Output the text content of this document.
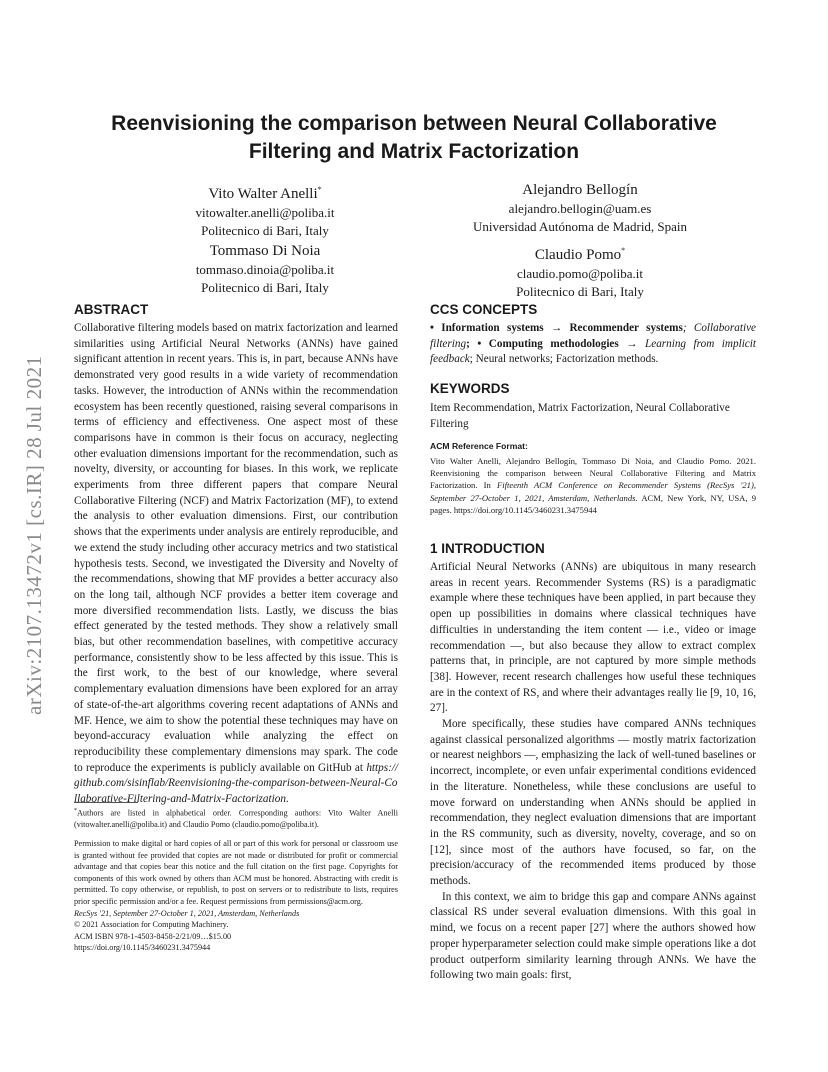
arXiv:2107.13472v1 [cs.IR] 28 Jul 2021
Reenvisioning the comparison between Neural Collaborative Filtering and Matrix Factorization
Vito Walter Anelli*
vitowalter.anelli@poliba.it
Politecnico di Bari, Italy
Alejandro Bellogín
alejandro.bellogin@uam.es
Universidad Autónoma de Madrid, Spain
Tommaso Di Noia
tommaso.dinoia@poliba.it
Politecnico di Bari, Italy
Claudio Pomo*
claudio.pomo@poliba.it
Politecnico di Bari, Italy
ABSTRACT

Collaborative filtering models based on matrix factorization and learned similarities using Artificial Neural Networks (ANNs) have gained significant attention in recent years. This is, in part, because ANNs have demonstrated very good results in a wide variety of recommendation tasks. However, the introduction of ANNs within the recommendation ecosystem has been recently questioned, raising several comparisons in terms of efficiency and effectiveness. One aspect most of these comparisons have in common is their focus on accuracy, neglecting other evaluation dimensions important for the recommendation, such as novelty, diversity, or accounting for biases. In this work, we replicate experiments from three different papers that compare Neural Collaborative Filtering (NCF) and Matrix Factorization (MF), to extend the analysis to other evaluation dimensions. First, our contribution shows that the experiments under analysis are entirely reproducible, and we extend the study including other accuracy metrics and two statistical hypothesis tests. Second, we investigated the Diversity and Novelty of the recommendations, showing that MF provides a better accuracy also on the long tail, although NCF provides a better item coverage and more diversified recommendation lists. Lastly, we discuss the bias effect generated by the tested methods. They show a relatively small bias, but other recommendation baselines, with competitive accuracy performance, consistently show to be less affected by this issue. This is the first work, to the best of our knowledge, where several complementary evaluation dimensions have been explored for an array of state-of-the-art algorithms covering recent adaptations of ANNs and MF. Hence, we aim to show the potential these techniques may have on beyond-accuracy evaluation while analyzing the effect on reproducibility these complementary dimensions may spark. The code to reproduce the experiments is publicly available on GitHub at https://github.com/sisinflab/Reenvisioning-the-comparison-between-Neural-Collaborative-Filtering-and-Matrix-Factorization.

*Authors are listed in alphabetical order. Corresponding authors: Vito Walter Anelli (vitowalter.anelli@poliba.it) and Claudio Pomo (claudio.pomo@poliba.it).

Permission to make digital or hard copies of all or part of this work for personal or classroom use is granted without fee provided that copies are not made or distributed for profit or commercial advantage and that copies bear this notice and the full citation on the first page. Copyrights for components of this work owned by others than ACM must be honored. Abstracting with credit is permitted. To copy otherwise, or republish, to post on servers or to redistribute to lists, requires prior specific permission and/or a fee. Request permissions from permissions@acm.org.

RecSys '21, September 27-October 1, 2021, Amsterdam, Netherlands

© 2021 Association for Computing Machinery.

ACM ISBN 978-1-4503-8458-2/21/09…$15.00

https://doi.org/10.1145/3460231.3475944

CCS CONCEPTS

• Information systems → Recommender systems; Collaborative filtering; • Computing methodologies → Learning from implicit feedback; Neural networks; Factorization methods.

KEYWORDS
Item Recommendation, Matrix Factorization, Neural Collaborative Filtering
ACM Reference Format:
Vito Walter Anelli, Alejandro Bellogín, Tommaso Di Noia, and Claudio Pomo. 2021. Reenvisioning the comparison between Neural Collaborative Filtering and Matrix Factorization. In Fifteenth ACM Conference on Recommender Systems (RecSys '21), September 27-October 1, 2021, Amsterdam, Netherlands. ACM, New York, NY, USA, 9 pages. https://doi.org/10.1145/3460231.3475944
1 INTRODUCTION

Artificial Neural Networks (ANNs) are ubiquitous in many research areas in recent years. Recommender Systems (RS) is a paradigmatic example where these techniques have been applied, in part because they open up possibilities in domains where classical techniques have difficulties in understanding the item content — i.e., video or image recommendation —, but also because they allow to extract complex patterns that, in principle, are not captured by more simple methods [38]. However, recent research challenges how useful these techniques are in the context of RS, and where their advantages really lie [9, 10, 16, 27].

More specifically, these studies have compared ANNs techniques against classical personalized algorithms — mostly matrix factorization or nearest neighbors —, emphasizing the lack of well-tuned baselines or incorrect, incomplete, or even unfair experimental conditions evidenced in the literature. Nonetheless, while these conclusions are useful to move forward on understanding when ANNs should be applied in recommendation, they neglect evaluation dimensions that are important in the RS community, such as diversity, novelty, coverage, and so on [12], since most of the authors have focused, so far, on the precision/accuracy of the recommended items produced by those methods.

In this context, we aim to bridge this gap and compare ANNs against classical RS under several evaluation dimensions. With this goal in mind, we focus on a recent paper [27] where the authors showed how proper hyperparameter selection could make simple operations like a dot product outperform similarity learning through ANNs. We have the following two main goals: first,
